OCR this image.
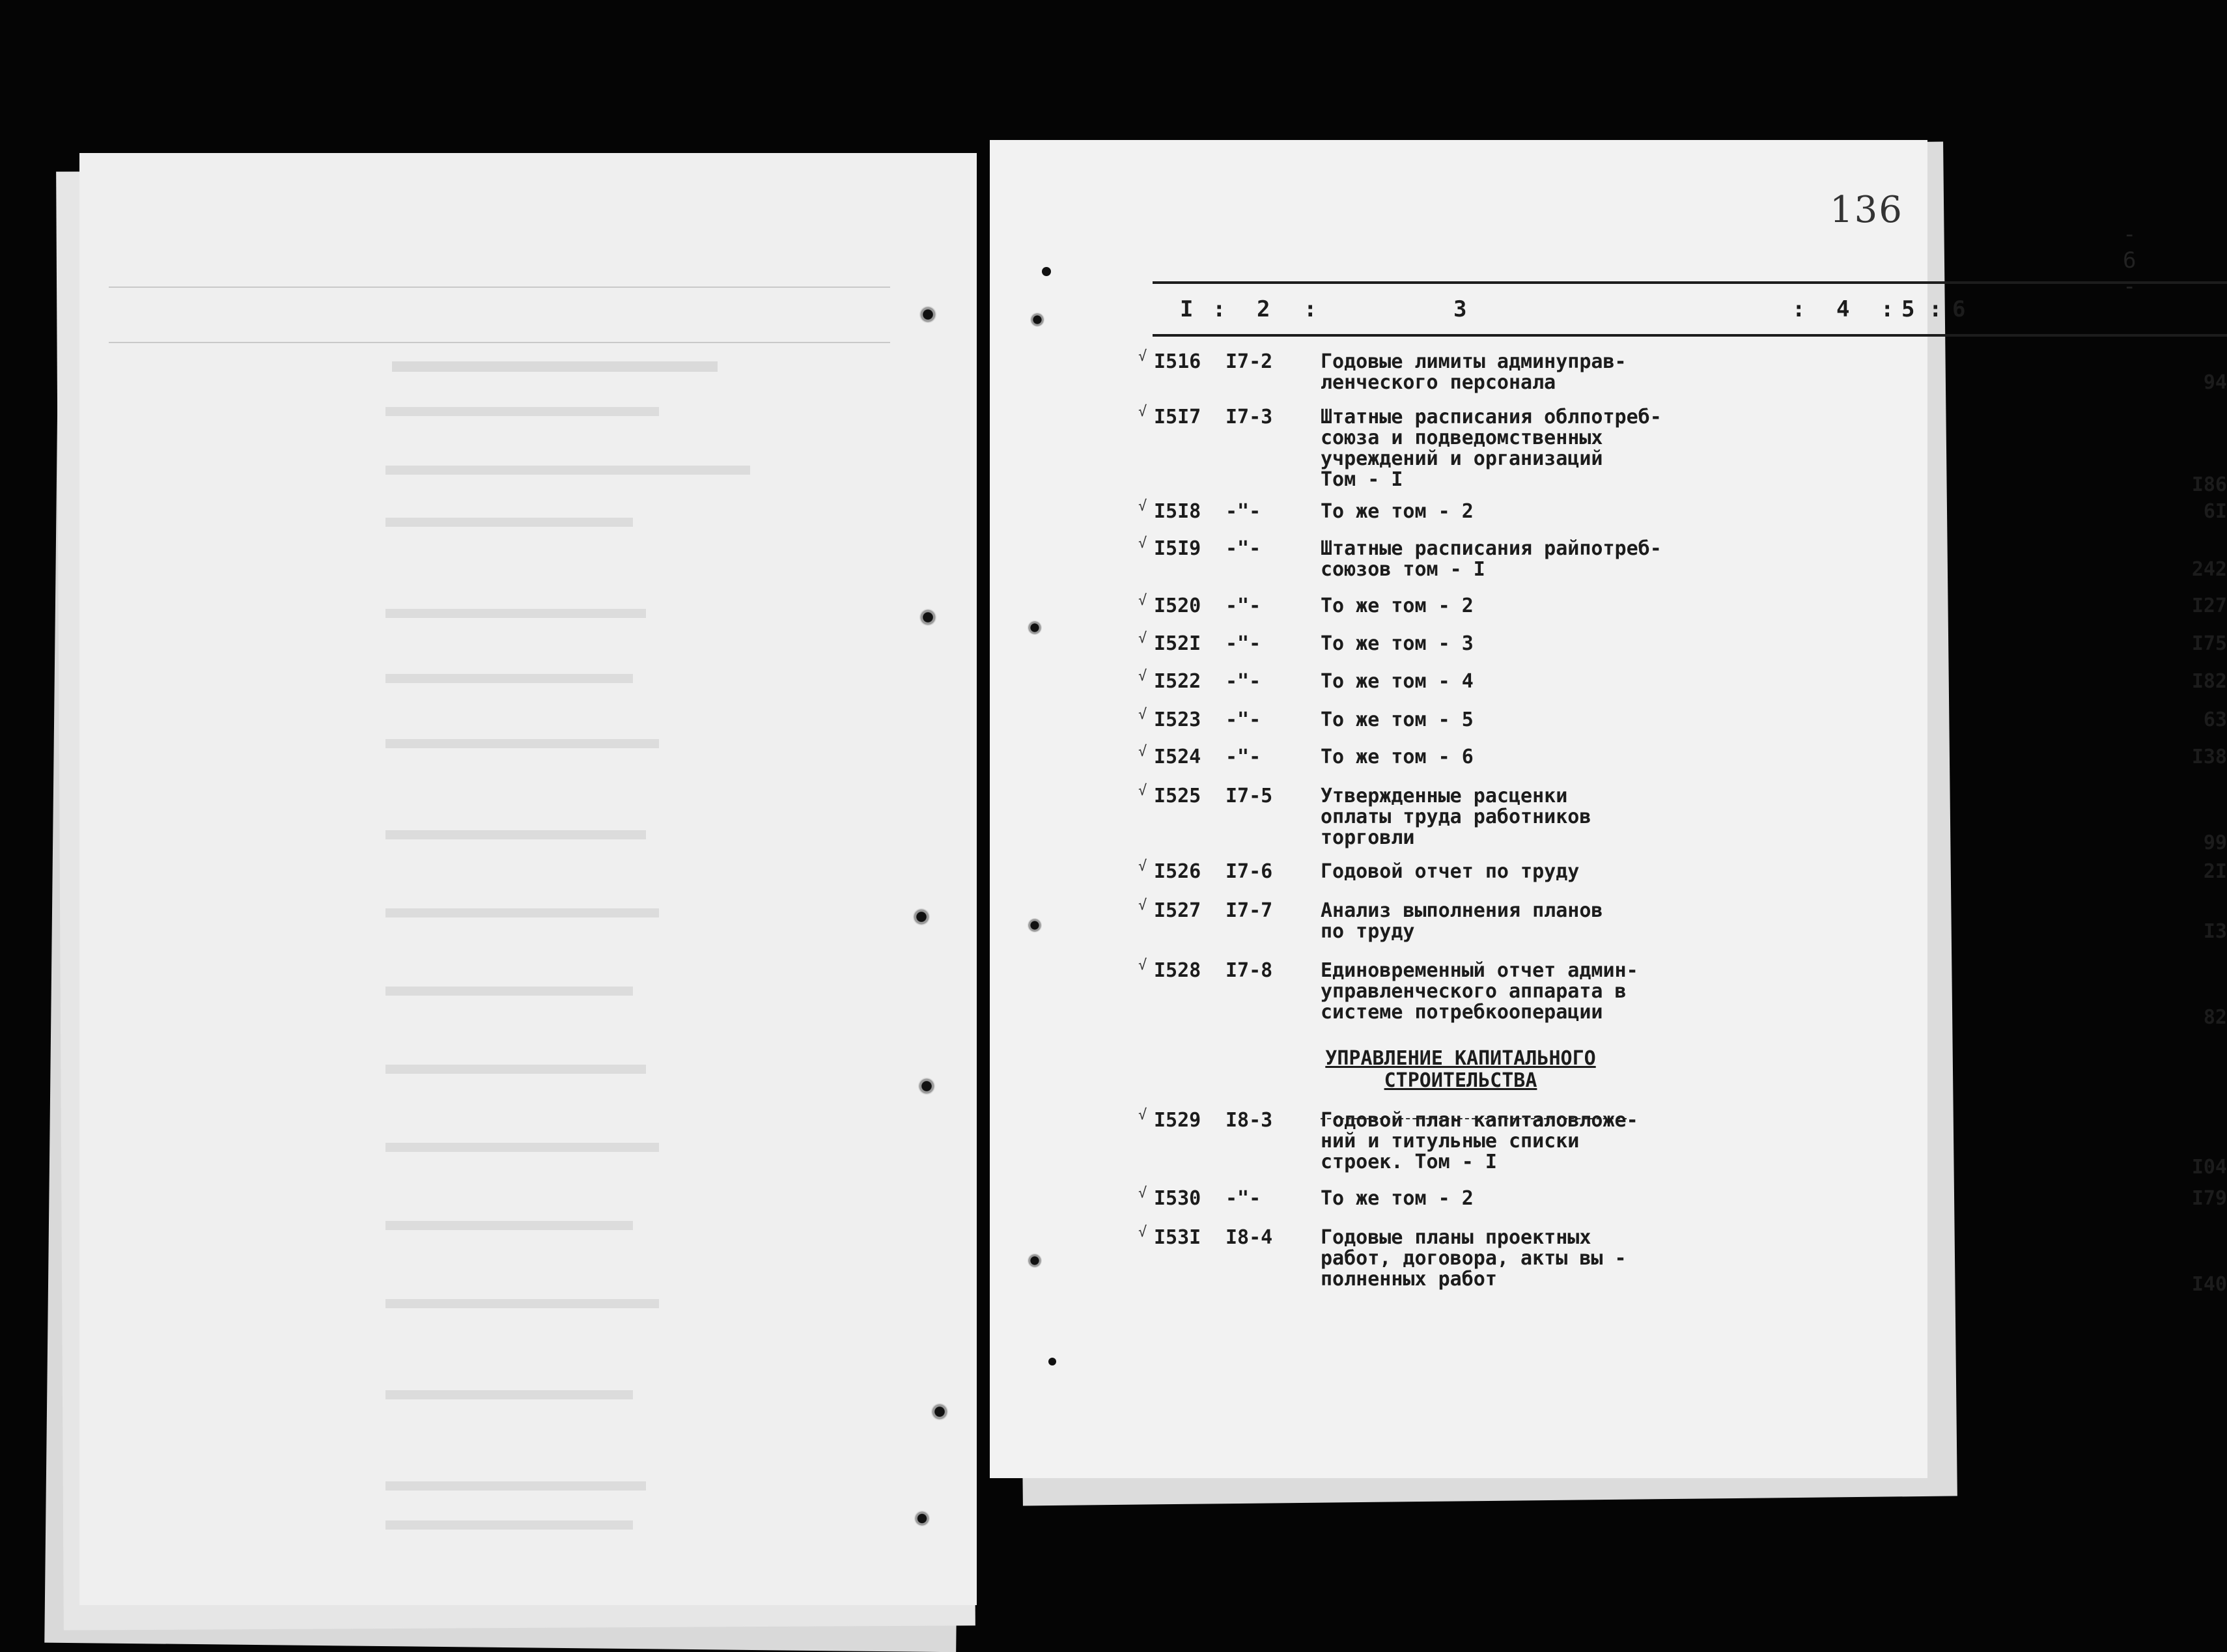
- 6 -
136
I : 2 :	3	: 4 : 5 : 6
√ I516 I7-2 Годовые лимиты админуправ-
ленческого персонала	94
√ I5I7 I7-3 Штатные расписания облпотреб-
союза и подведомственных
учреждений и организаций
Том - I	I86
√ I5I8 -"-	То же том - 2	6I
√ I5I9 -"-	Штатные расписания райпотреб-
союзов том - I	242
√ I520 -"-	То же том - 2	I27
√ I52I -"-	То же том - 3	I75
√ I522 -"-	То же том - 4	I82
√ I523 -"-	То же том - 5	63
√ I524 -"-	То же том - 6	I38
√ I525 I7-5 Утвержденные расценки
оплаты труда работников
торговли	99
√ I526 I7-6 Годовой отчет по труду	2I
√ I527 I7-7 Анализ выполнения планов
по труду	I3
√ I528 I7-8 Единовременный отчет админ-
управленческого аппарата в
системе потребкооперации	82
УПРАВЛЕНИЕ КАПИТАЛЬНОГО
СТРОИТЕЛЬСТВА
√ I529 I8-3 Годовой план капиталовложе-
ний и титульные списки
строек. Том - I	I04
√ I530 -"-	То же том - 2	I79
√ I53I I8-4 Годовые планы проектных
работ, договора, акты вы -
полненных работ	I40
